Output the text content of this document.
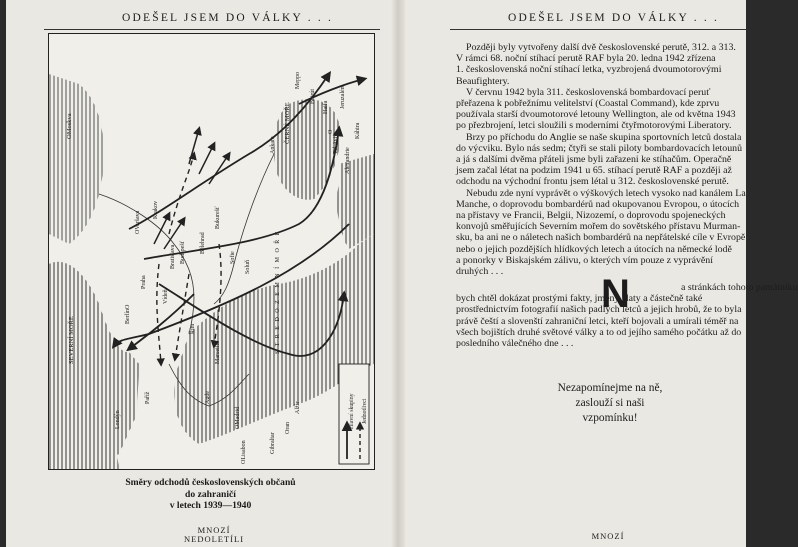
ODEŠEL JSEM DO VÁLKY . . .
OMoskva	ČERNÉ MOŘE
SEVERNÍ MOŘE
OVaršava
Krakov
Budapešť
Bratislava
Praha
Bukurešť
BerlínO
Vídeň
Ankara
Meppo
Bejrút
Haifa
Alexandrie
Paříž
Londýn	OMadrid
OLisabon	Gibraltar
Alžír
Agde
Marseille
Řím
Bělehrad
Sofie
Soluň	S T Ř E D O Z E M N Í M O Ř E
Tel Aviv
Jeruzalém
Káhira
O
Oran	Hlavní skupiny Jednotlivci
Směry odchodů československých občanů
do zahraničí
v letech 1939—1940
MNOZÍ
NEDOLETÍLI
ODEŠEL JSEM DO VÁLKY . . .

Později byly vytvořeny další dvě československé perutě, 312. a 313.

V rámci 68. noční stíhací perutě RAF byla 20. ledna 1942 zřízena

1. československá noční stíhací letka, vyzbrojená dvoumotorovými

Beaufightery.

V červnu 1942 byla 311. československá bombardovací peruť

přeřazena k pobřežnímu velitelství (Coastal Command), kde zprvu

používala starší dvoumotorové letouny Wellington, ale od května 1943

po přezbrojení, letci sloužili s moderními čtyřmotorovými Liberatory.

Brzy po příchodu do Anglie se naše skupina sportovních letců dostala

do výcviku. Bylo nás sedm; čtyři se stali piloty bombardovacích letounů

a já s dalšími dvěma přáteli jsme byli zařazeni ke stíhačům. Operačně

jsem začal létat na podzim 1941 u 65. stíhací perutě RAF a později až

odchodu na východní frontu jsem létal u 312. československé perutě.

Nebudu zde nyní vyprávět o výškových letech vysoko nad kanálem La

Manche, o doprovodu bombardérů nad okupovanou Evropou, o útocích

na přístavy ve Francii, Belgii, Nizozemí, o doprovodu spojeneckých

konvojů směřujících Severním mořem do sovětského přístavu Murman-

sku, ba ani ne o náletech našich bombardérů na nepřátelské cíle v Evropě

nebo o jejich pozdějších hlídkových letech a útocích na německé lodě

a ponorky v Biskajském zálivu, o kterých vím pouze z vyprávění

druhých . . .

a stránkách tohoto památníku
bych chtěl dokázat prostými fakty, jmény, daty a částečně také
prostřednictvím fotografií našich padlých letců a jejich hrobů, že to byla
právě čeští a slovenští zahraniční letci, kteří bojovali a umírali téměř na
všech bojištích druhé světové války a to od jejího samého počátku až do
posledního válečného dne . . .
N
Nezapomínejme na ně,
zaslouží si naši
vzpomínku!
MNOZÍ
